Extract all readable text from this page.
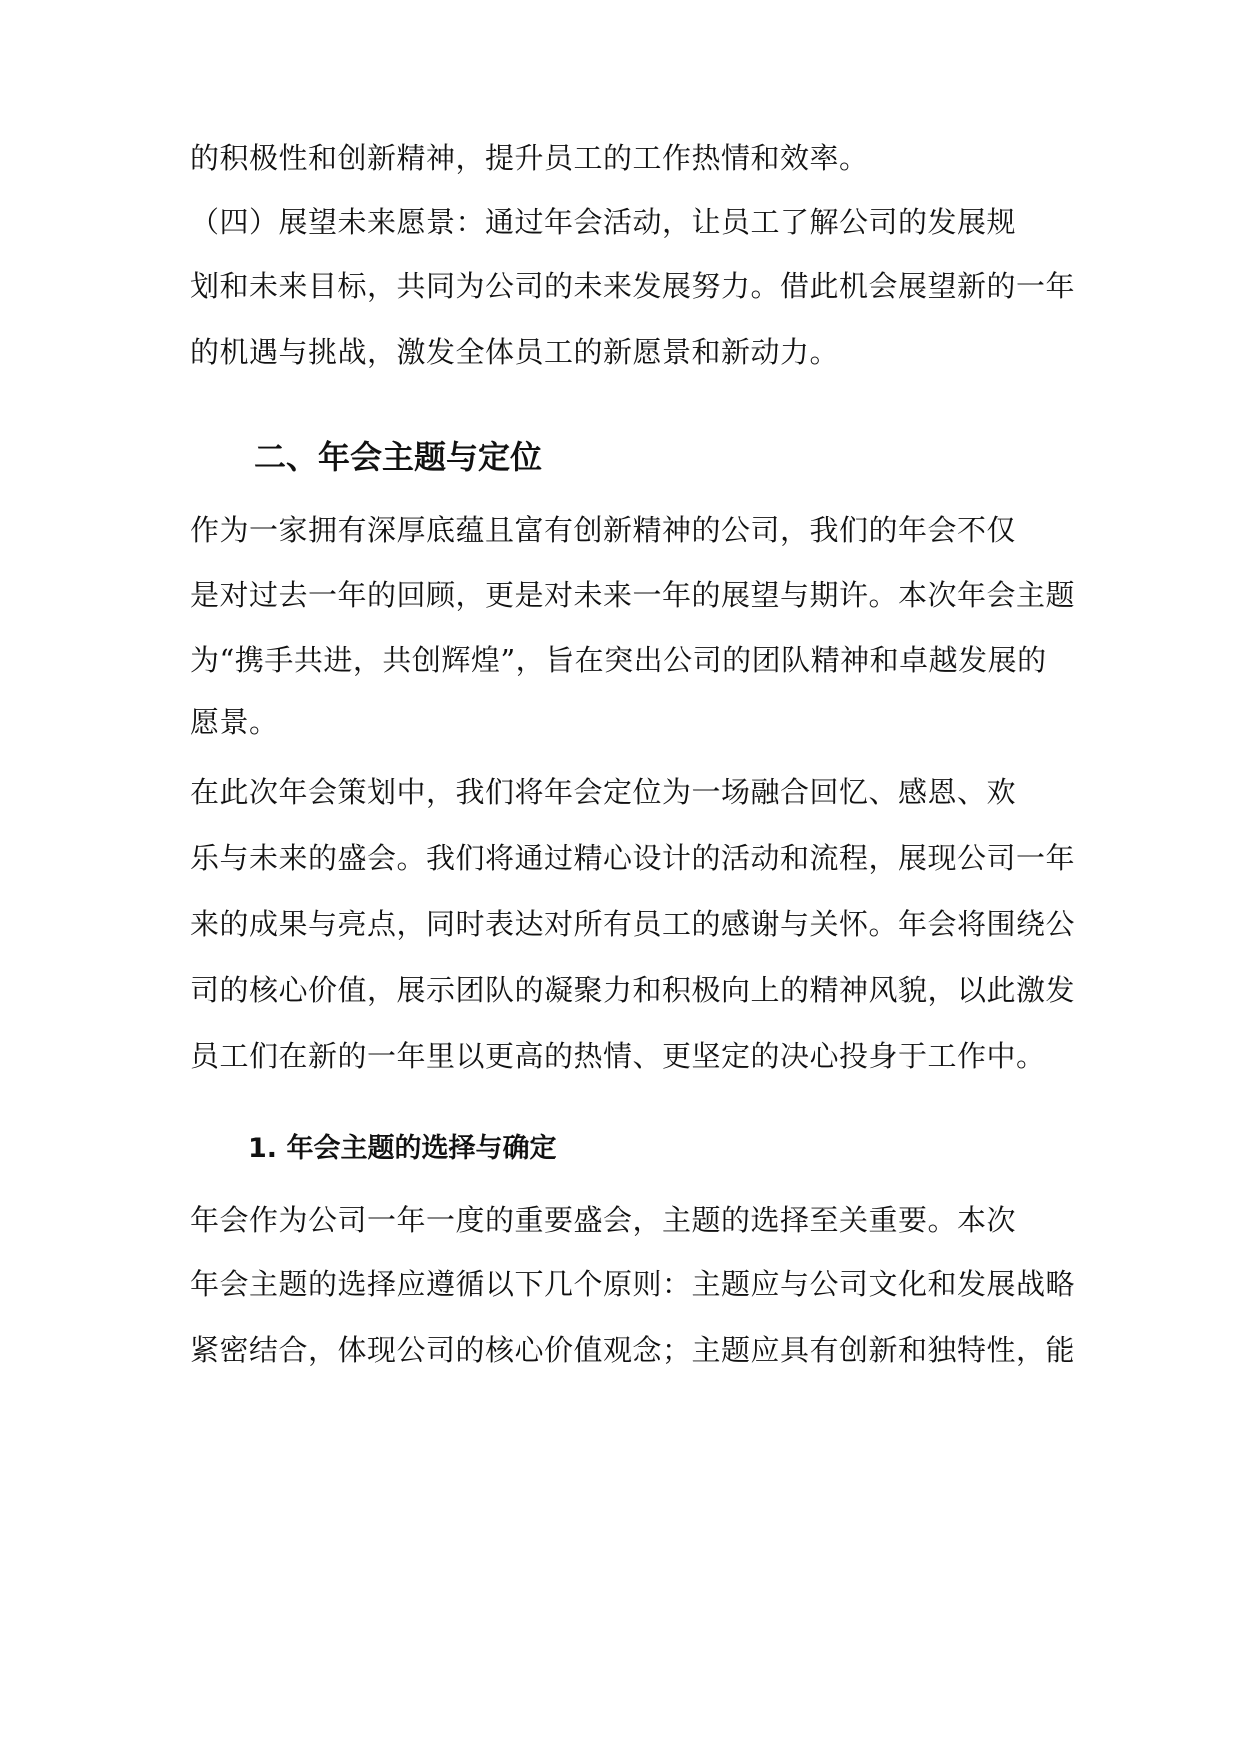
的积极性和创新精神，提升员工的工作热情和效率。

（四）展望未来愿景：通过年会活动，让员工了解公司的发展规

划和未来目标，共同为公司的未来发展努力。借此机会展望新的一年

的机遇与挑战，激发全体员工的新愿景和新动力。

二、年会主题与定位

作为一家拥有深厚底蕴且富有创新精神的公司，我们的年会不仅

是对过去一年的回顾，更是对未来一年的展望与期许。本次年会主题

为“携手共进，共创辉煌”，旨在突出公司的团队精神和卓越发展的

愿景。

在此次年会策划中，我们将年会定位为一场融合回忆、感恩、欢

乐与未来的盛会。我们将通过精心设计的活动和流程，展现公司一年

来的成果与亮点，同时表达对所有员工的感谢与关怀。年会将围绕公

司的核心价值，展示团队的凝聚力和积极向上的精神风貌，以此激发

员工们在新的一年里以更高的热情、更坚定的决心投身于工作中。

1. 年会主题的选择与确定

年会作为公司一年一度的重要盛会，主题的选择至关重要。本次

年会主题的选择应遵循以下几个原则：主题应与公司文化和发展战略

紧密结合，体现公司的核心价值观念；主题应具有创新和独特性，能
